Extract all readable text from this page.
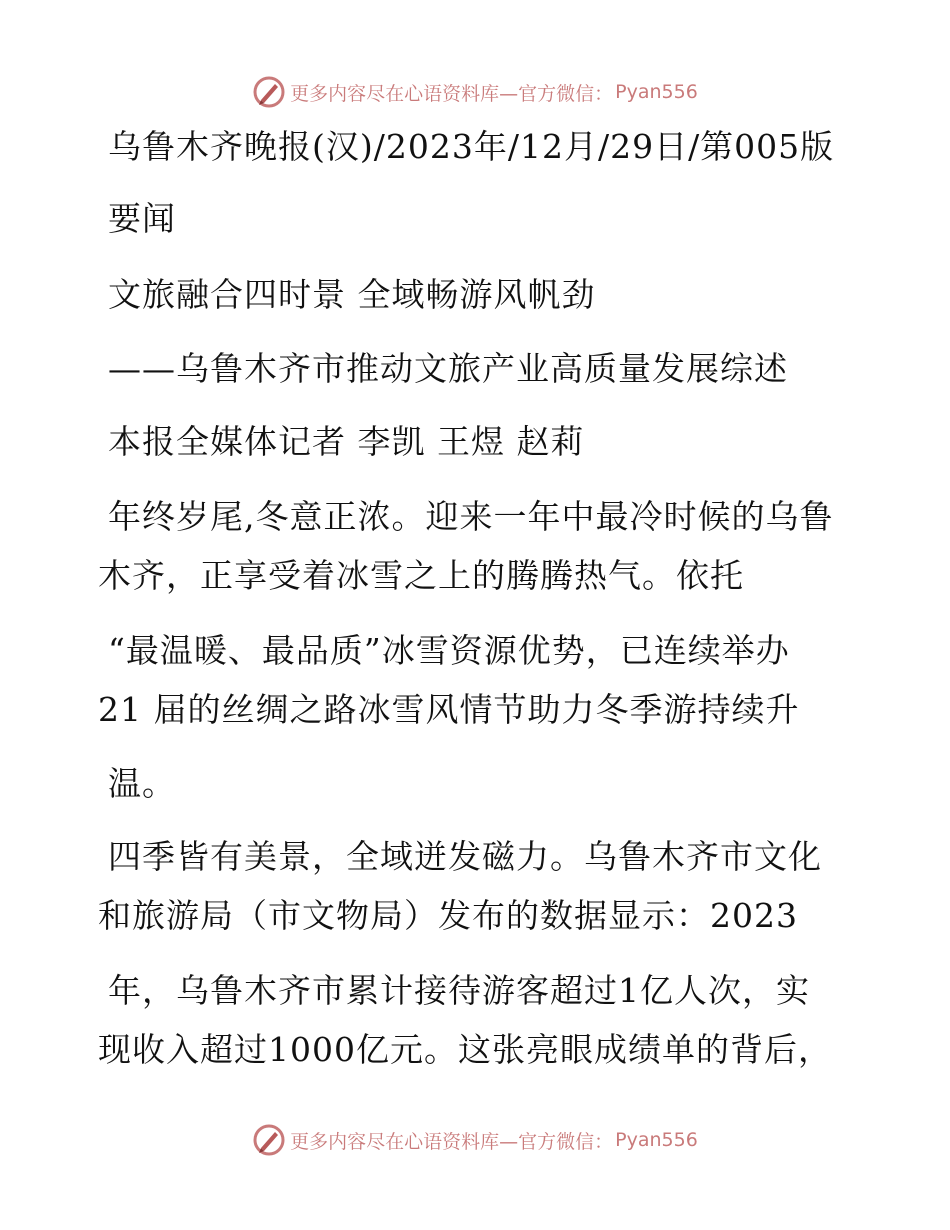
更多内容尽在心语资料库—官方微信： Pyan556
乌鲁木齐晚报(汉)/2023年/12月/29日/第005版
要闻
文旅融合四时景 全域畅游风帆劲
——乌鲁木齐市推动文旅产业高质量发展综述
本报全媒体记者 李凯 王煜 赵莉
年终岁尾,冬意正浓。迎来一年中最冷时候的乌鲁
木齐，正享受着冰雪之上的腾腾热气。依托
“最温暖、最品质”冰雪资源优势，已连续举办
21 届的丝绸之路冰雪风情节助力冬季游持续升
温。
四季皆有美景，全域迸发磁力。乌鲁木齐市文化
和旅游局（市文物局）发布的数据显示：2023
年，乌鲁木齐市累计接待游客超过1亿人次，实
现收入超过1000亿元。这张亮眼成绩单的背后，
更多内容尽在心语资料库—官方微信： Pyan556
